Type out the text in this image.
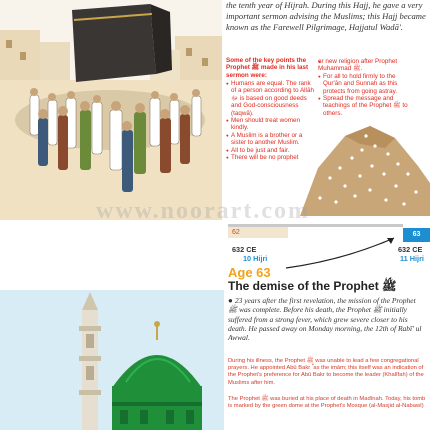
the tenth year of Hijrah. During this Hajj, he gave a very important sermon advising the Muslims; this Hajj became known as the Farewell Pilgrimage, Hajjatul Wadā'.

Some of the key points the Prophet ﷺ made in his last sermon were:

● Humans are equal. The rank of a person according to Allāh ﷻ is based on good deeds and God-consciousness (taqwā).
● Men should treat women kindly.
● A Muslim is a brother or a sister to another Muslim.
● All to be just and fair.
● There will be no prophet
● or new religion after Prophet Muhammad ﷺ.
● For all to hold firmly to the Qur'ān and Sunnah as this protects from going astray.
● Spread the message and teachings of the Prophet ﷺ to others.
www.noorart.com
62	63
632 CE
10 Hijri
632 CE
11 Hijri
Age 63
The demise of the Prophet ﷺ

● 23 years after the first revelation, the mission of the Prophet ﷺ was complete. Before his death, the Prophet ﷺ initially suffered from a strong fever, which grew severe closer to his death. He passed away on Monday morning, the 12th of Rabī' ul Awwal.

During his illness, the Prophet ﷺ was unable to lead a few congregational prayers. He appointed Abū Bakr ؓ as the imām; this itself was an indication of the Prophet's preference for Abū Bakr to become the leader (Khalīfah) of the Muslims after him.

The Prophet ﷺ was buried at his place of death in Madīnah. Today, his tomb is marked by the green dome at the Prophet's Mosque (al-Masjid al-Nabawī)
